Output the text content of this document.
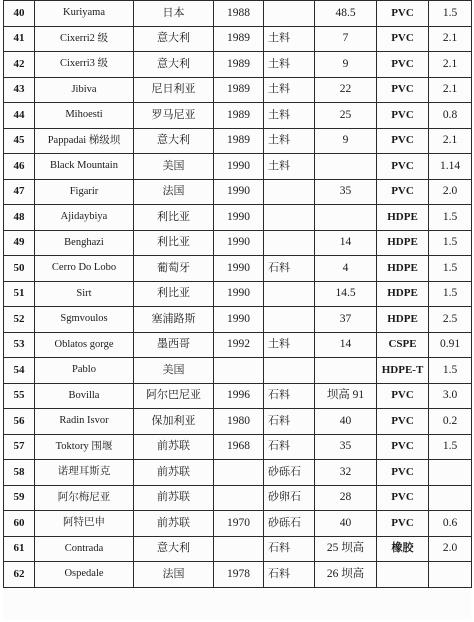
40	Kuriyama	日本	1988		48.5	PVC	1.5
41	Cixerri2 级	意大利	1989	土料	7	PVC	2.1
42	Cixerri3 级	意大利	1989	土料	9	PVC	2.1
43	Jibiva	尼日利亚	1989	土料	22	PVC	2.1
44	Mihoesti	罗马尼亚	1989	土料	25	PVC	0.8
45	Pappadai 梯级坝	意大利	1989	土料	9	PVC	2.1
46	Black Mountain	美国	1990	土料		PVC	1.14
47	Figarir	法国	1990		35	PVC	2.0
48	Ajidaybiya	利比亚	1990			HDPE	1.5
49	Benghazi	利比亚	1990		14	HDPE	1.5
50	Cerro Do Lobo	葡萄牙	1990	石料	4	HDPE	1.5
51	Sirt	利比亚	1990		14.5	HDPE	1.5
52	Sgmvoulos	塞浦路斯	1990		37	HDPE	2.5
53	Oblatos gorge	墨西哥	1992	土料	14	CSPE	0.91
54	Pablo	美国				HDPE-T	1.5
55	Bovilla	阿尔巴尼亚	1996	石料	坝高 91	PVC	3.0
56	Radin Isvor	保加利亚	1980	石料	40	PVC	0.2
57	Toktory 围堰	前苏联	1968	石料	35	PVC	1.5
58	诺理耳斯克	前苏联		砂砾石	32	PVC	
59	阿尔梅尼亚	前苏联		砂卵石	28	PVC	
60	阿特巴申	前苏联	1970	砂砾石	40	PVC	0.6
61	Contrada	意大利		石料	25 坝高	橡胶	2.0
62	Ospedale	法国	1978	石料	26 坝高		
